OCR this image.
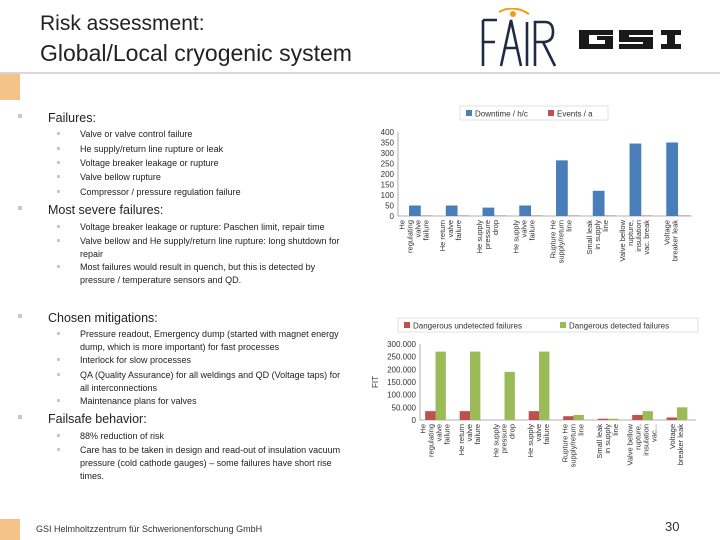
Risk assessment:
Global/Local cryogenic system
Failures:
Valve or valve control failure
He supply/return line rupture or leak
Voltage breaker leakage or rupture
Valve bellow rupture
Compressor / pressure regulation failure
Most severe failures:
Voltage breaker leakage or rupture: Paschen limit, repair time
Valve bellow and He supply/return line rupture: long shutdown for
repair
Most failures would result in quench, but this is detected by
pressure / temperature sensors and QD.
Chosen mitigations:
Pressure readout, Emergency dump (started with magnet energy
dump, which is more important) for fast processes
Interlock for slow processes
QA (Quality Assurance) for all weldings and QD (Voltage taps) for
all interconnections
Maintenance plans for valves
Failsafe behavior:
88% reduction of risk
Care has to be taken in design and read-out of insulation vacuum
pressure (cold cathode gauges) – some failures have short rise
times.
Downtime / h/c	Events / a
0
50
100
150
200
250
300
350
400
Heregulatingvalvefailure He returnvalvefailure He supplypressuredrop He supplyvalvefailure Rupture Hesupply/returnline Small leakin supplyline Valve bellowrupture,insulationvac. break Voltagebreaker leak
Dangerous undetected failures	Dangerous detected failures
0
50.000
100.000
150.000
200.000
250.000
300.000
FIT
Heregulatingvalvefailure He returnvalvefailure He supplypressuredrop He supplyvalvefailure Rupture Hesupply/returnline Small leakin supplyline Valve bellowrupture,insulationvac... Voltagebreaker leak
GSI Helmholtzzentrum für Schwerionenforschung GmbH	30
